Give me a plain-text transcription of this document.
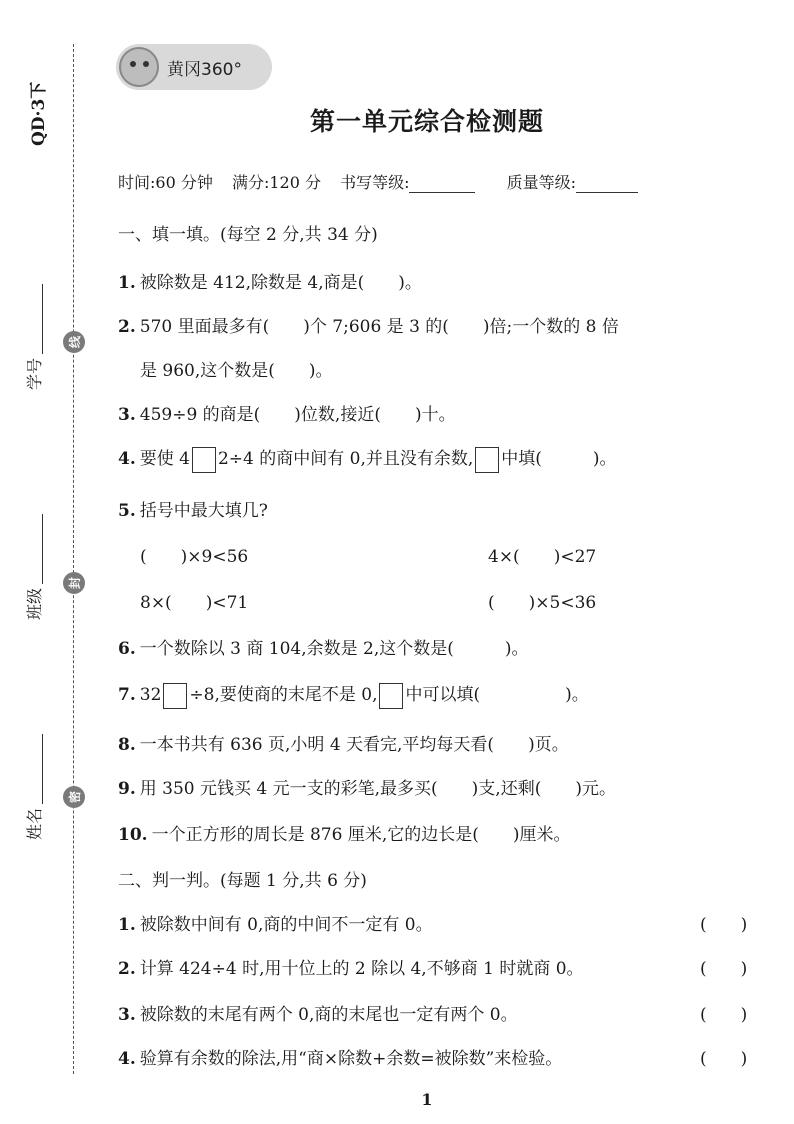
QD·3下
线
封
密
学号
班级
姓名
黄冈360°
第一单元综合检测题
时间:60 分钟 满分:120 分 书写等级:	质量等级:
一、填一填。(每空 2 分,共 34 分)
1. 被除数是 412,除数是 4,商是(　　)。
2. 570 里面最多有(　　)个 7;606 是 3 的(　　)倍;一个数的 8 倍
是 960,这个数是(　　)。
3. 459÷9 的商是(　　)位数,接近(　　)十。
4. 要使 4 2÷4 的商中间有 0,并且没有余数, 中填(　　　)。
5. 括号中最大填几?
(　　)×9<56	4×(　　)<27
8×(　　)<71	(　　)×5<36
6. 一个数除以 3 商 104,余数是 2,这个数是(　　　)。
7. 32 ÷8,要使商的末尾不是 0, 中可以填(　　　　　)。
8. 一本书共有 636 页,小明 4 天看完,平均每天看(　　)页。
9. 用 350 元钱买 4 元一支的彩笔,最多买(　　)支,还剩(　　)元。
10. 一个正方形的周长是 876 厘米,它的边长是(　　)厘米。
二、判一判。(每题 1 分,共 6 分)
1. 被除数中间有 0,商的中间不一定有 0。	(　　)
2. 计算 424÷4 时,用十位上的 2 除以 4,不够商 1 时就商 0。	(　　)
3. 被除数的末尾有两个 0,商的末尾也一定有两个 0。	(　　)
4. 验算有余数的除法,用“商×除数+余数=被除数”来检验。	(　　)
1
